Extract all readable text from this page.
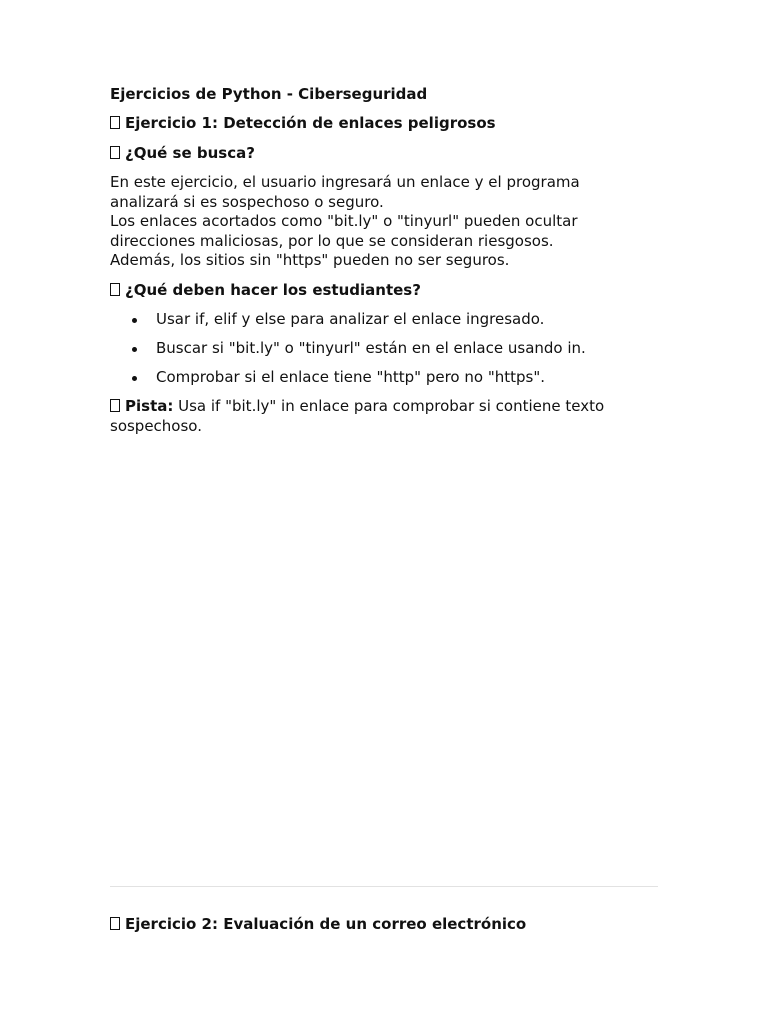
Ejercicios de Python - Ciberseguridad
Ejercicio 1: Detección de enlaces peligrosos
¿Qué se busca?
En este ejercicio, el usuario ingresará un enlace y el programa
analizará si es sospechoso o seguro.
Los enlaces acortados como "bit.ly" o "tinyurl" pueden ocultar
direcciones maliciosas, por lo que se consideran riesgosos.
Además, los sitios sin "https" pueden no ser seguros.
¿Qué deben hacer los estudiantes?
Usar if, elif y else para analizar el enlace ingresado.
Buscar si "bit.ly" o "tinyurl" están en el enlace usando in.
Comprobar si el enlace tiene "http" pero no "https".
Pista: Usa if "bit.ly" in enlace para comprobar si contiene texto
sospechoso.
Ejercicio 2: Evaluación de un correo electrónico
